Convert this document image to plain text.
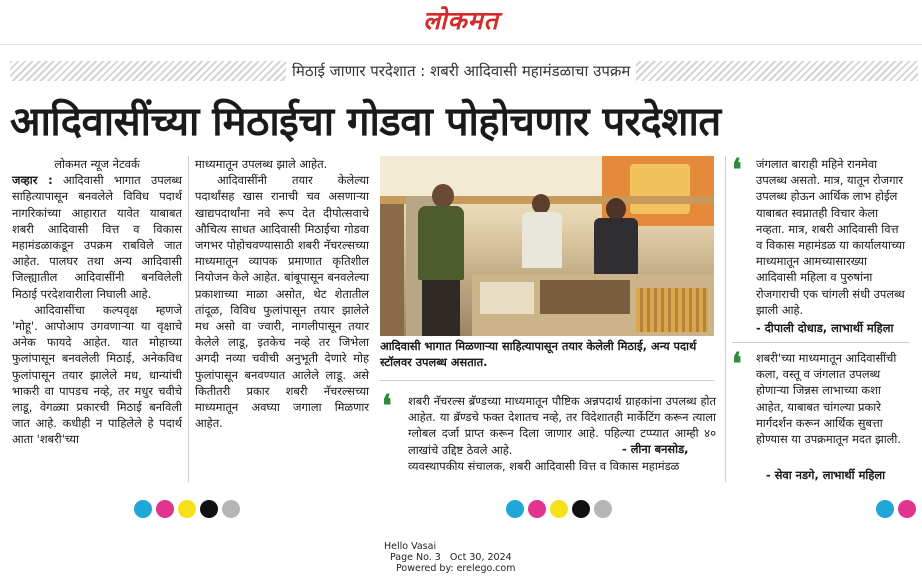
लोकमत
मिठाई जाणार परदेशात : शबरी आदिवासी महामंडळाचा उपक्रम
आदिवासींच्या मिठाईचा गोडवा पोहोचणार परदेशात
लोकमत न्यूज नेटवर्क

जव्हार : आदिवासी भागात उपलब्ध साहित्यापासून बनवलेले विविध पदार्थ नागरिकांच्या आहारात यावेत याबाबत शबरी आदिवासी वित्त व विकास महामंडळाकडून उपक्रम राबविले जात आहेत. पालघर तथा अन्य आदिवासी जिल्ह्यातील आदिवासींनी बनविलेली मिठाई परदेशवारीला निघाली आहे.

आदिवासींचा कल्पवृक्ष म्हणजे 'मोहू'. आपोआप उगवणाऱ्या या वृक्षाचे अनेक फायदे आहेत. यात मोहाच्या फुलांपासून बनवलेली मिठाई, अनेकविध फुलांपासून तयार झालेले मध, धान्यांची भाकरी वा पापडच नव्हे, तर मधुर चवीचे लाडू, वेगळ्या प्रकारची मिठाई बनविली जात आहे. कधीही न पाहिलेले हे पदार्थ आता 'शबरी'च्या

माध्यमातून उपलब्ध झाले आहेत.

आदिवासींनी तयार केलेल्या पदार्थांसह खास रानाची चव असणाऱ्या खाद्यपदार्थांना नवे रूप देत दीपोत्सवाचे औचित्य साधत आदिवासी मिठाईचा गोडवा जगभर पोहोचवण्यासाठी शबरी नॅचरल्सच्या माध्यमातून व्यापक प्रमाणात कृतिशील नियोजन केले आहेत. बांबूपासून बनवलेल्या प्रकाशाच्या माळा असोत, थेट शेतातील तांदूळ, विविध फुलांपासून तयार झालेले मध असो वा ज्वारी, नागलीपासून तयार केलेले लाडू, इतकेच नव्हे तर जिभेला अगदी नव्या चवीची अनुभूती देणारे मोह फुलांपासून बनवण्यात आलेले लाडू. असे कितीतरी प्रकार शबरी नॅचरल्सच्या माध्यमातून अवघ्या जगाला मिळणार आहेत.

आदिवासी भागात मिळणाऱ्या साहित्यापासून तयार केलेली मिठाई, अन्य पदार्थ स्टॉलवर उपलब्ध असतात.
❛ शबरी नॅचरल्स ब्रॅण्डच्या माध्यमातून पौष्टिक अन्नपदार्थ ग्राहकांना उपलब्ध होत आहेत. या ब्रॅण्डचे फक्त देशातच नव्हे, तर विदेशातही मार्केटिंग करून त्याला ग्लोबल दर्जा प्राप्त करून दिला जाणार आहे. पहिल्या टप्प्यात आम्ही ४० लाखांचे उद्दिष्ट ठेवले आहे.	- लीना बनसोड,
व्यवस्थापकीय संचालक, शबरी आदिवासी वित्त व विकास महामंडळ
❛ जंगलात बाराही महिने रानमेवा उपलब्ध असतो. मात्र, यातून रोजगार उपलब्ध होऊन आर्थिक लाभ होईल याबाबत स्वप्नातही विचार केला नव्हता. मात्र, शबरी आदिवासी वित्त व विकास महामंडळ या कार्यालयाच्या माध्यमातून आमच्यासारख्या आदिवासी महिला व पुरुषांना रोजगाराची एक चांगली संधी उपलब्ध झाली आहे.
- दीपाली दोधाड, लाभार्थी महिला
❛ शबरी'च्या माध्यमातून आदिवासींची कला, वस्तू व जंगलात उपलब्ध होणाऱ्या जिन्नस लाभाच्या कशा आहेत, याबाबत चांगल्या प्रकारे मार्गदर्शन करून आर्थिक सुबत्ता होण्यास या उपक्रमातून मदत झाली.
- सेवा नडगे, लाभार्थी महिला
Hello Vasai
Page No. 3 Oct 30, 2024
Powered by: erelego.com
